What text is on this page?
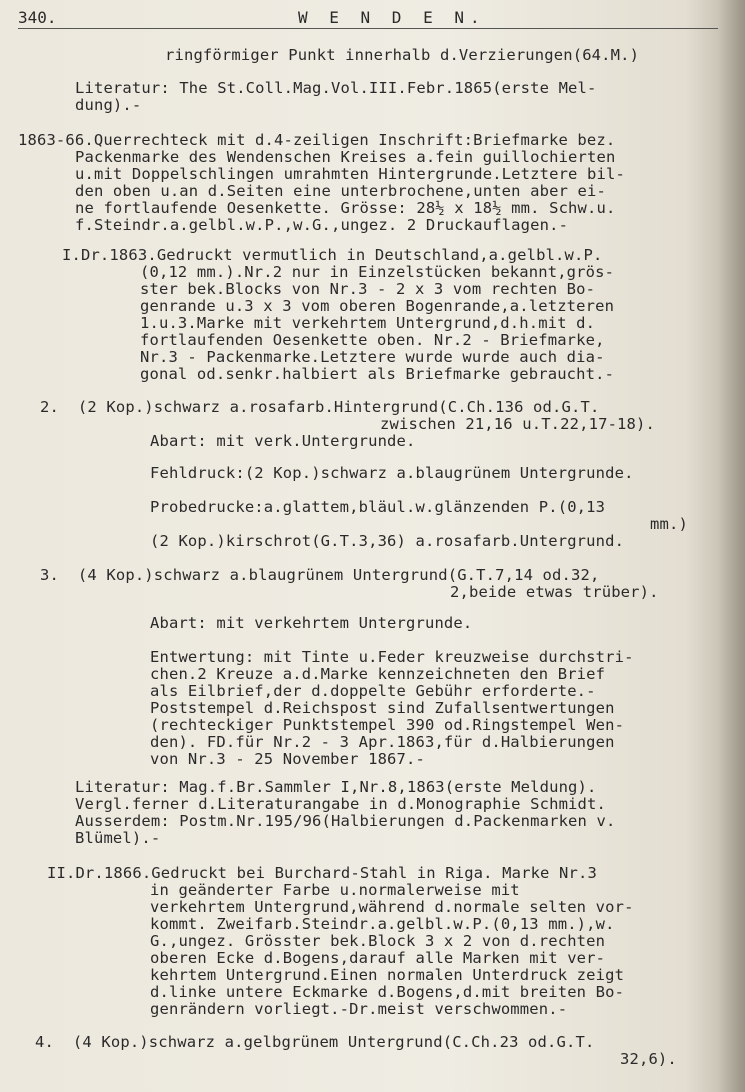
340.	W E N D E N.
ringförmiger Punkt innerhalb d.Verzierungen(64.M.)
Literatur: The St.Coll.Mag.Vol.III.Febr.1865(erste Mel-
dung).-
1863-66.Querrechteck mit d.4-zeiligen Inschrift:Briefmarke bez.
Packenmarke des Wendenschen Kreises a.fein guillochierten
u.mit Doppelschlingen umrahmten Hintergrunde.Letztere bil-
den oben u.an d.Seiten eine unterbrochene,unten aber ei-
ne fortlaufende Oesenkette. Grösse: 28½ x 18½ mm. Schw.u.
f.Steindr.a.gelbl.w.P.,w.G.,ungez. 2 Druckauflagen.-
I.Dr.1863.Gedruckt vermutlich in Deutschland,a.gelbl.w.P.
(0,12 mm.).Nr.2 nur in Einzelstücken bekannt,grös-
ster bek.Blocks von Nr.3 - 2 x 3 vom rechten Bo-
genrande u.3 x 3 vom oberen Bogenrande,a.letzteren
1.u.3.Marke mit verkehrtem Untergrund,d.h.mit d.
fortlaufenden Oesenkette oben. Nr.2 - Briefmarke,
Nr.3 - Packenmarke.Letztere wurde wurde auch dia-
gonal od.senkr.halbiert als Briefmarke gebraucht.-
2.  (2 Kop.)schwarz a.rosafarb.Hintergrund(C.Ch.136 od.G.T.
zwischen 21,16 u.T.22,17-18).
Abart: mit verk.Untergrunde.
Fehldruck:(2 Kop.)schwarz a.blaugrünem Untergrunde.
Probedrucke:a.glattem,bläul.w.glänzenden P.(0,13
mm.)
(2 Kop.)kirschrot(G.T.3,36) a.rosafarb.Untergrund.
3.  (4 Kop.)schwarz a.blaugrünem Untergrund(G.T.7,14 od.32,
2,beide etwas trüber).
Abart: mit verkehrtem Untergrunde.
Entwertung: mit Tinte u.Feder kreuzweise durchstri-
chen.2 Kreuze a.d.Marke kennzeichneten den Brief
als Eilbrief,der d.doppelte Gebühr erforderte.-
Poststempel d.Reichspost sind Zufallsentwertungen
(rechteckiger Punktstempel 390 od.Ringstempel Wen-
den). FD.für Nr.2 - 3 Apr.1863,für d.Halbierungen
von Nr.3 - 25 November 1867.-
Literatur: Mag.f.Br.Sammler I,Nr.8,1863(erste Meldung).
Vergl.ferner d.Literaturangabe in d.Monographie Schmidt.
Ausserdem: Postm.Nr.195/96(Halbierungen d.Packenmarken v.
Blümel).-
II.Dr.1866.Gedruckt bei Burchard-Stahl in Riga. Marke Nr.3
in geänderter Farbe u.normalerweise mit
verkehrtem Untergrund,während d.normale selten vor-
kommt. Zweifarb.Steindr.a.gelbl.w.P.(0,13 mm.),w.
G.,ungez. Grösster bek.Block 3 x 2 von d.rechten
oberen Ecke d.Bogens,darauf alle Marken mit ver-
kehrtem Untergrund.Einen normalen Unterdruck zeigt
d.linke untere Eckmarke d.Bogens,d.mit breiten Bo-
genrändern vorliegt.-Dr.meist verschwommen.-
4.  (4 Kop.)schwarz a.gelbgrünem Untergrund(C.Ch.23 od.G.T.
32,6).
